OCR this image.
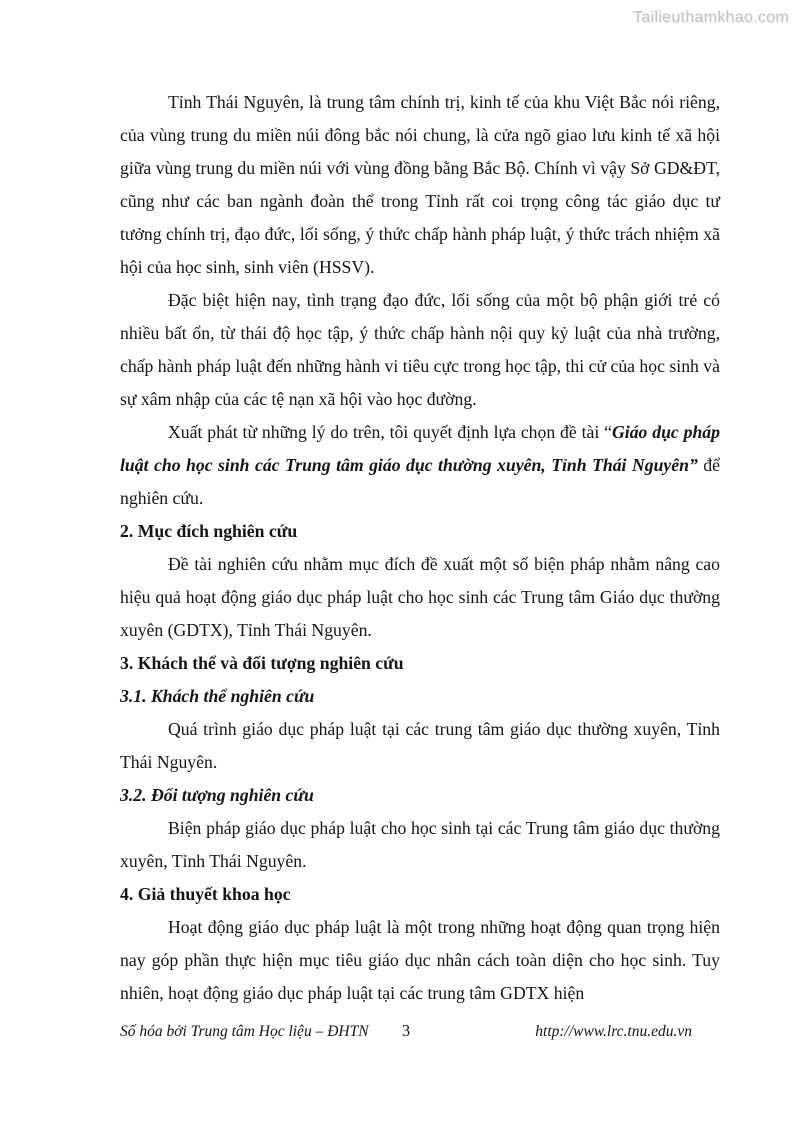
Tailieuthamkhao.com

Tỉnh Thái Nguyên, là trung tâm chính trị, kinh tế của khu Việt Bắc nói riêng, của vùng trung du miền núi đông bắc nói chung, là cửa ngõ giao lưu kinh tế xã hội giữa vùng trung du miền núi với vùng đồng bằng Bắc Bộ. Chính vì vậy Sở GD&ĐT, cũng như các ban ngành đoàn thể trong Tỉnh rất coi trọng công tác giáo dục tư tưởng chính trị, đạo đức, lối sống, ý thức chấp hành pháp luật, ý thức trách nhiệm xã hội của học sinh, sinh viên (HSSV).

Đặc biệt hiện nay, tình trạng đạo đức, lối sống của một bộ phận giới trẻ có nhiều bất ổn, từ thái độ học tập, ý thức chấp hành nội quy kỷ luật của nhà trường, chấp hành pháp luật đến những hành vi tiêu cực trong học tập, thi cử của học sinh và sự xâm nhập của các tệ nạn xã hội vào học đường.

Xuất phát từ những lý do trên, tôi quyết định lựa chọn đề tài “Giáo dục pháp luật cho học sinh các Trung tâm giáo dục thường xuyên, Tỉnh Thái Nguyên” để nghiên cứu.

2. Mục đích nghiên cứu

Đề tài nghiên cứu nhằm mục đích đề xuất một số biện pháp nhằm nâng cao hiệu quả hoạt động giáo dục pháp luật cho học sinh các Trung tâm Giáo dục thường xuyên (GDTX), Tỉnh Thái Nguyên.

3. Khách thể và đối tượng nghiên cứu
3.1. Khách thể nghiên cứu

Quá trình giáo dục pháp luật tại các trung tâm giáo dục thường xuyên, Tỉnh Thái Nguyên.

3.2. Đối tượng nghiên cứu

Biện pháp giáo dục pháp luật cho học sinh tại các Trung tâm giáo dục thường xuyên, Tỉnh Thái Nguyên.

4. Giả thuyết khoa học

Hoạt động giáo dục pháp luật là một trong những hoạt động quan trọng hiện nay góp phần thực hiện mục tiêu giáo dục nhân cách toàn diện cho học sinh. Tuy nhiên, hoạt động giáo dục pháp luật tại các trung tâm GDTX hiện

Số hóa bởi Trung tâm Học liệu – ĐHTN	3	http://www.lrc.tnu.edu.vn
